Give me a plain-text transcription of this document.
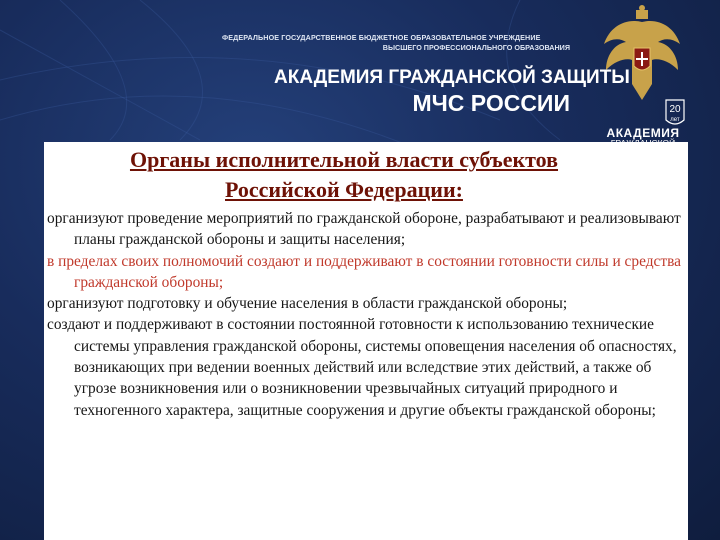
ФЕДЕРАЛЬНОЕ ГОСУДАРСТВЕННОЕ БЮДЖЕТНОЕ ОБРАЗОВАТЕЛЬНОЕ УЧРЕЖДЕНИЕ
ВЫСШЕГО ПРОФЕССИОНАЛЬНОГО ОБРАЗОВАНИЯ
АКАДЕМИЯ ГРАЖДАНСКОЙ ЗАЩИТЫ
МЧС РОССИИ	20
лет
АКАДЕМИЯ
Органы исполнительной власти субъектов
Российской Федерации:

организуют проведение мероприятий по гражданской обороне, разрабатывают и реализовывают планы гражданской обороны и защиты населения;

в пределах своих полномочий создают и поддерживают в состоянии готовности силы и средства гражданской обороны;

организуют подготовку и обучение населения в области гражданской обороны;

создают и поддерживают в состоянии постоянной готовности к использованию технические системы управления гражданской обороны, системы оповещения населения об опасностях, возникающих при ведении военных действий или вследствие этих действий, а также об угрозе возникновения или о возникновении чрезвычайных ситуаций природного и техногенного характера, защитные сооружения и другие объекты гражданской обороны;
